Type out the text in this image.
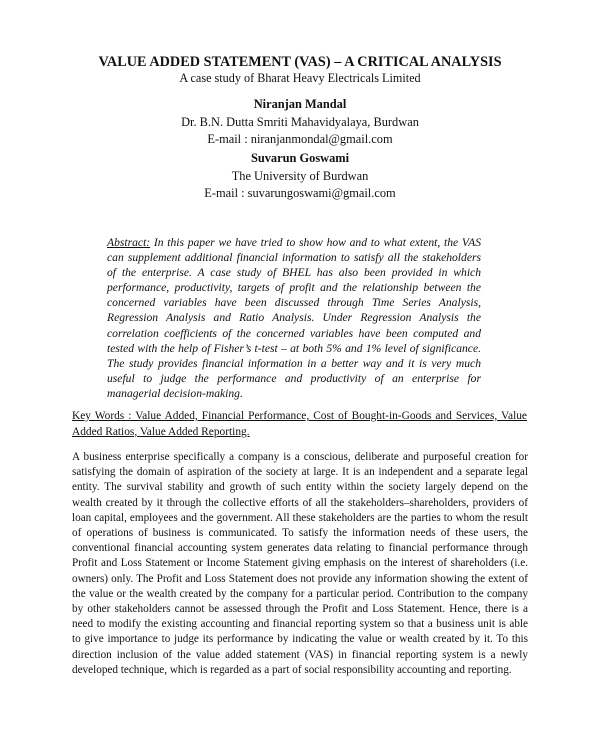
VALUE ADDED STATEMENT (VAS) – A CRITICAL ANALYSIS
A case study of Bharat Heavy Electricals Limited
Niranjan Mandal
Dr. B.N. Dutta Smriti Mahavidyalaya, Burdwan
E-mail : niranjanmondal@gmail.com
Suvarun Goswami
The University of Burdwan
E-mail : suvarungoswami@gmail.com
Abstract: In this paper we have tried to show how and to what extent, the VAS can supplement additional financial information to satisfy all the stakeholders of the enterprise. A case study of BHEL has also been provided in which performance, productivity, targets of profit and the relationship between the concerned variables have been discussed through Time Series Analysis, Regression Analysis and Ratio Analysis. Under Regression Analysis the correlation coefficients of the concerned variables have been computed and tested with the help of Fisher’s t-test – at both 5% and 1% level of significance. The study provides financial information in a better way and it is very much useful to judge the performance and productivity of an enterprise for managerial decision-making.
Key Words : Value Added, Financial Performance, Cost of Bought-in-Goods and Services, Value Added Ratios, Value Added Reporting.
A business enterprise specifically a company is a conscious, deliberate and purposeful creation for satisfying the domain of aspiration of the society at large. It is an independent and a separate legal entity. The survival stability and growth of such entity within the society largely depend on the wealth created by it through the collective efforts of all the stakeholders–shareholders, providers of loan capital, employees and the government. All these stakeholders are the parties to whom the result of operations of business is communicated. To satisfy the information needs of these users, the conventional financial accounting system generates data relating to financial performance through Profit and Loss Statement or Income Statement giving emphasis on the interest of shareholders (i.e. owners) only. The Profit and Loss Statement does not provide any information showing the extent of the value or the wealth created by the company for a particular period. Contribution to the company by other stakeholders cannot be assessed through the Profit and Loss Statement. Hence, there is a need to modify the existing accounting and financial reporting system so that a business unit is able to give importance to judge its performance by indicating the value or wealth created by it. To this direction inclusion of the value added statement (VAS) in financial reporting system is a newly developed technique, which is regarded as a part of social responsibility accounting and reporting.
